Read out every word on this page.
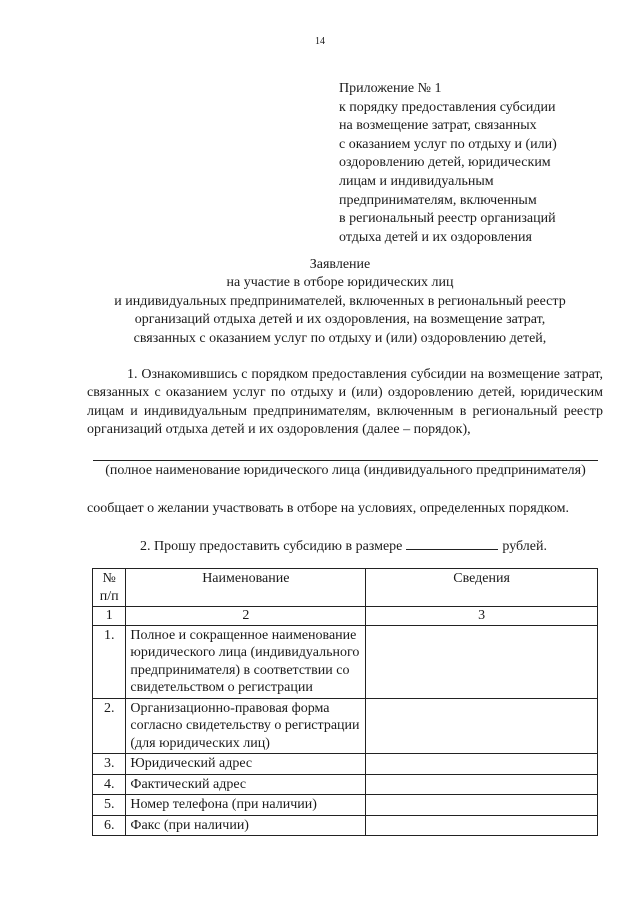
14
Приложение № 1
к порядку предоставления субсидии
на возмещение затрат, связанных
с оказанием услуг по отдыху и (или)
оздоровлению детей, юридическим
лицам и индивидуальным
предпринимателям, включенным
в региональный реестр организаций
отдыха детей и их оздоровления
Заявление
на участие в отборе юридических лиц
и индивидуальных предпринимателей, включенных в региональный реестр
организаций отдыха детей и их оздоровления, на возмещение затрат,
связанных с оказанием услуг по отдыху и (или) оздоровлению детей,
1. Ознакомившись с порядком предоставления субсидии на возмещение затрат, связанных с оказанием услуг по отдыху и (или) оздоровлению детей, юридическим лицам и индивидуальным предпринимателям, включенным в региональный реестр организаций отдыха детей и их оздоровления (далее – порядок),
(полное наименование юридического лица (индивидуального предпринимателя)
сообщает о желании участвовать в отборе на условиях, определенных порядком.
2. Прошу предоставить субсидию в размере	рублей.
№ п/п	Наименование	Сведения
1	2	3
1.	Полное и сокращенное наименование юридического лица (индивидуального предпринимателя) в соответствии со свидетельством о регистрации	
2.	Организационно-правовая форма согласно свидетельству о регистрации (для юридических лиц)	
3.	Юридический адрес	
4.	Фактический адрес	
5.	Номер телефона (при наличии)	
6.	Факс (при наличии)	
